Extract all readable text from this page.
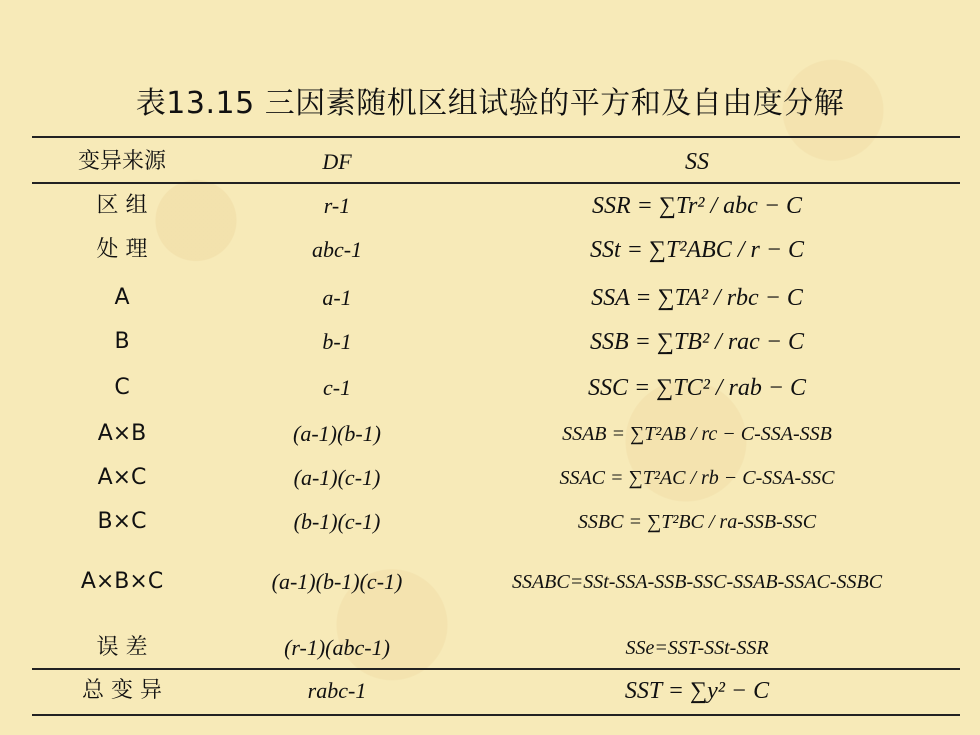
表13.15 三因素随机区组试验的平方和及自由度分解
变异来源	DF	SS
区 组	r-1	SSR = ∑Tr² / abc − C
处 理	abc-1	SSt = ∑T²ABC / r − C
A	a-1	SSA = ∑TA² / rbc − C
B	b-1	SSB = ∑TB² / rac − C
C	c-1	SSC = ∑TC² / rab − C
A×B	(a-1)(b-1)	SSAB = ∑T²AB / rc − C-SSA-SSB
A×C	(a-1)(c-1)	SSAC = ∑T²AC / rb − C-SSA-SSC
B×C	(b-1)(c-1)	SSBC = ∑T²BC / ra-SSB-SSC
A×B×C	(a-1)(b-1)(c-1)	SSABC=SSt-SSA-SSB-SSC-SSAB-SSAC-SSBC
误 差	(r-1)(abc-1)	SSe=SST-SSt-SSR
总 变 异	rabc-1	SST = ∑y² − C
